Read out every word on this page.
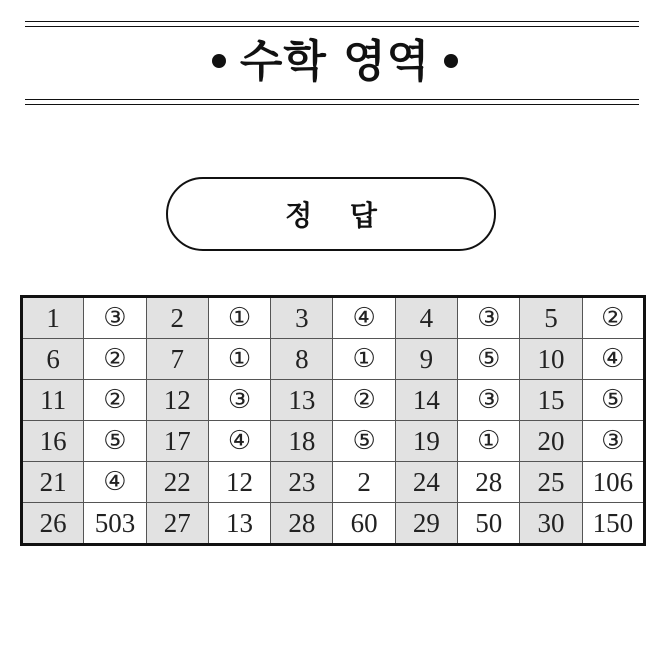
수학 영역
정 답
1	③	2	①	3	④	4	③	5	②
6	②	7	①	8	①	9	⑤	10	④
11	②	12	③	13	②	14	③	15	⑤
16	⑤	17	④	18	⑤	19	①	20	③
21	④	22	12	23	2	24	28	25	106
26	503	27	13	28	60	29	50	30	150
